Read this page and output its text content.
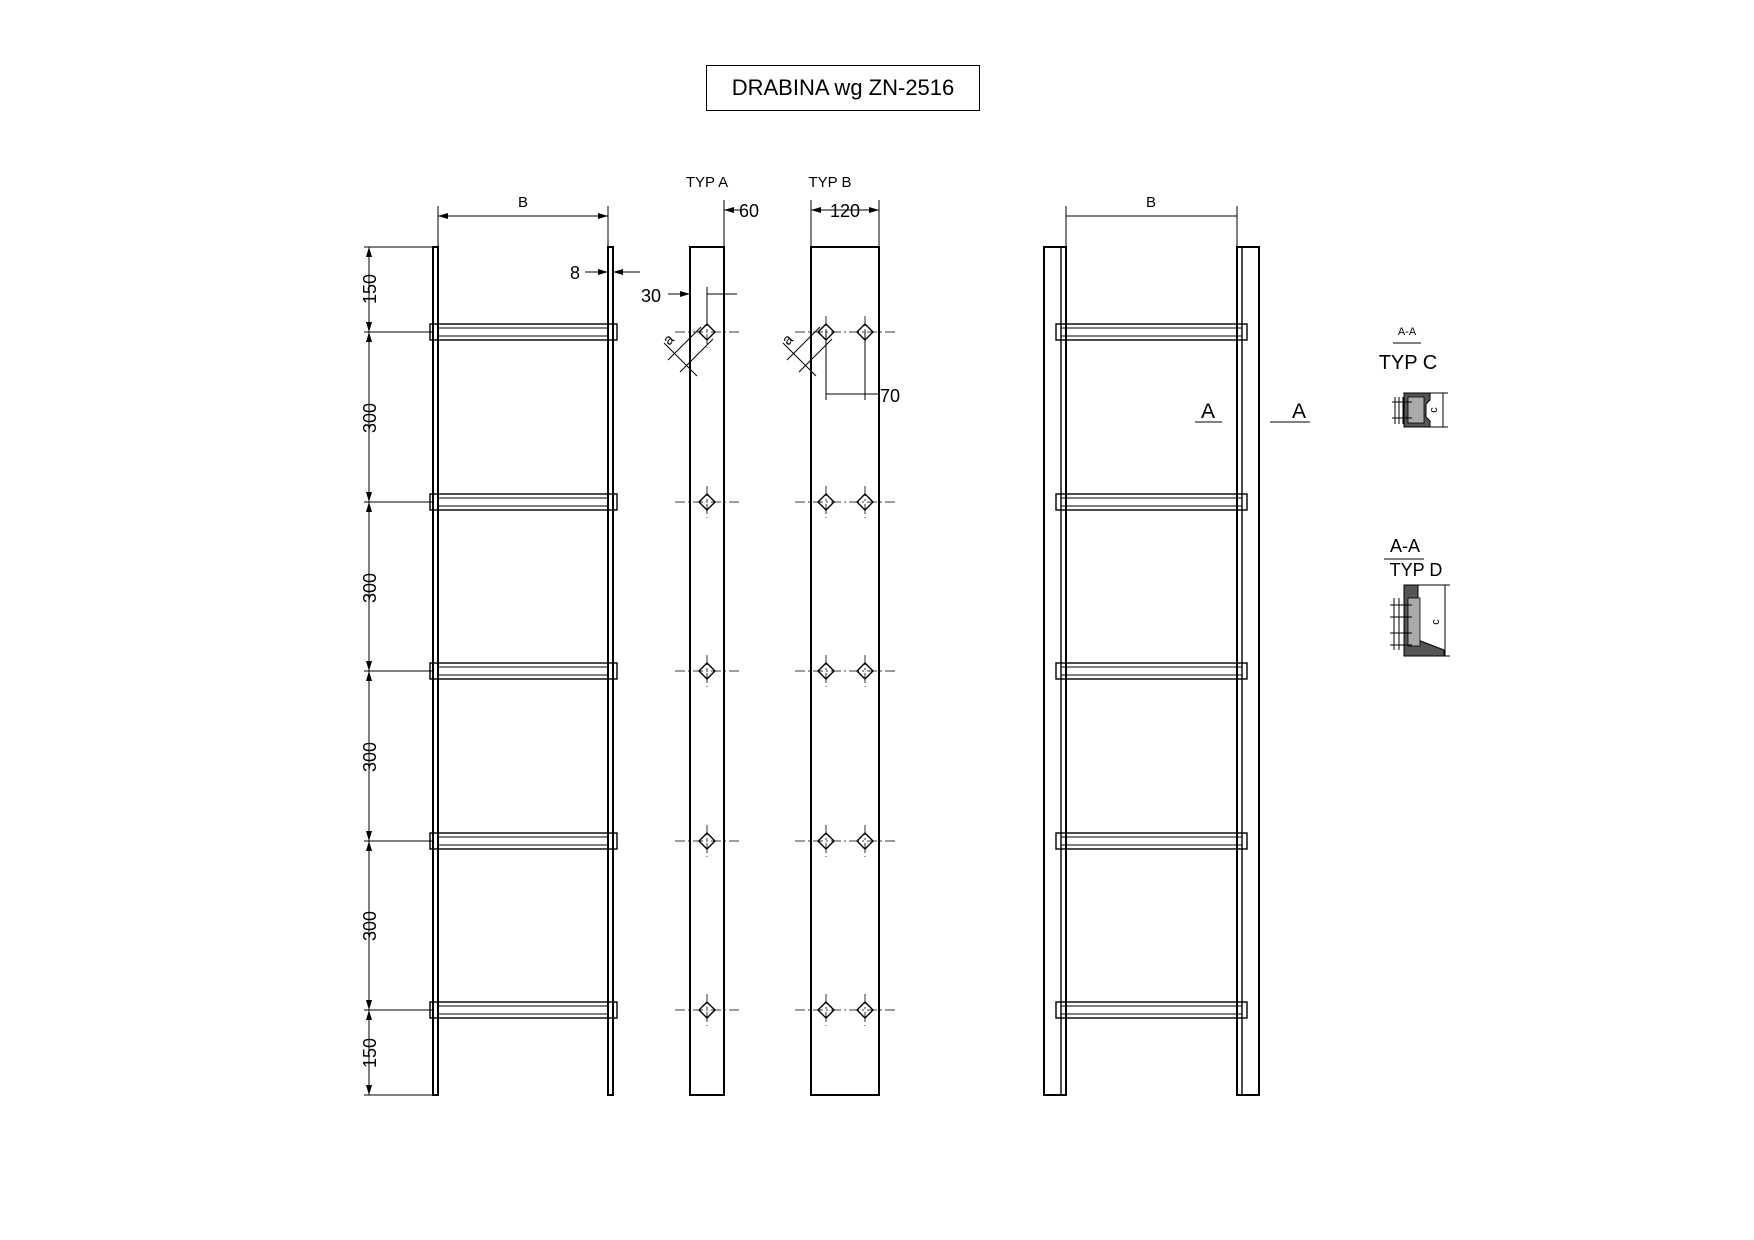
DRABINA wg ZN-2516
B
8
150
300
300
300
300
150
TYP A
60
30
a
TYP B
120
70
a
B
A	A
A-A
TYP C
c
A-A
TYP D
c
